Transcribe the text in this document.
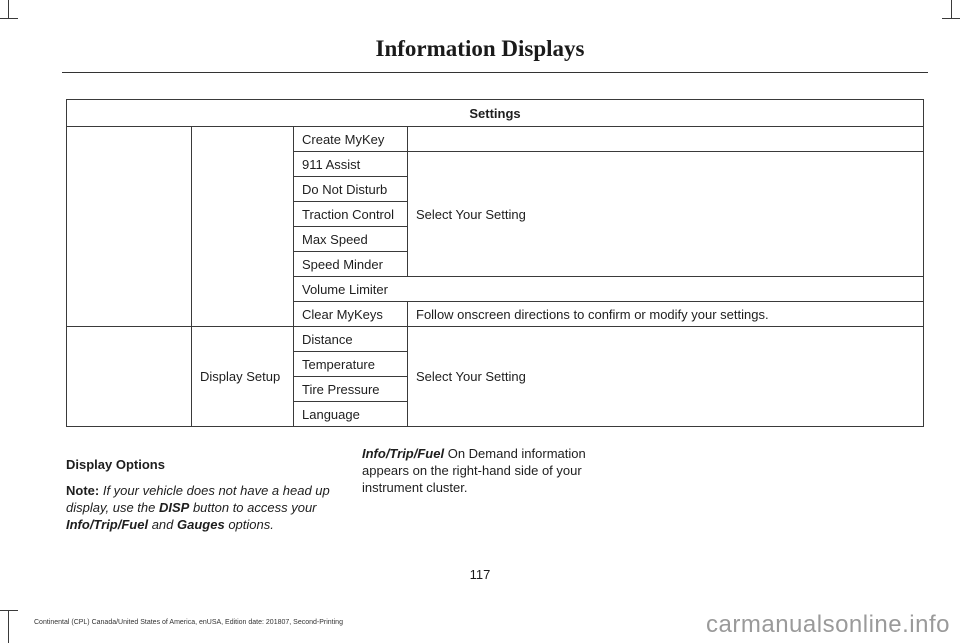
Information Displays
Settings			
		Create MyKey	
		911 Assist	Select Your Setting
		Do Not Disturb	
		Traction Control	
		Max Speed	
		Speed Minder	
		Volume Limiter	
		Clear MyKeys	Follow onscreen directions to confirm or modify your settings.
	Display Setup	Distance	Select Your Setting
		Temperature	
		Tire Pressure	
		Language	
Display Options
Note: If your vehicle does not have a head up display, use the DISP button to access your Info/Trip/Fuel and Gauges options.
Info/Trip/Fuel On Demand information appears on the right-hand side of your instrument cluster.
117
Continental (CPL) Canada/United States of America, enUSA, Edition date: 201807, Second-Printing	carmanualsonline.info
